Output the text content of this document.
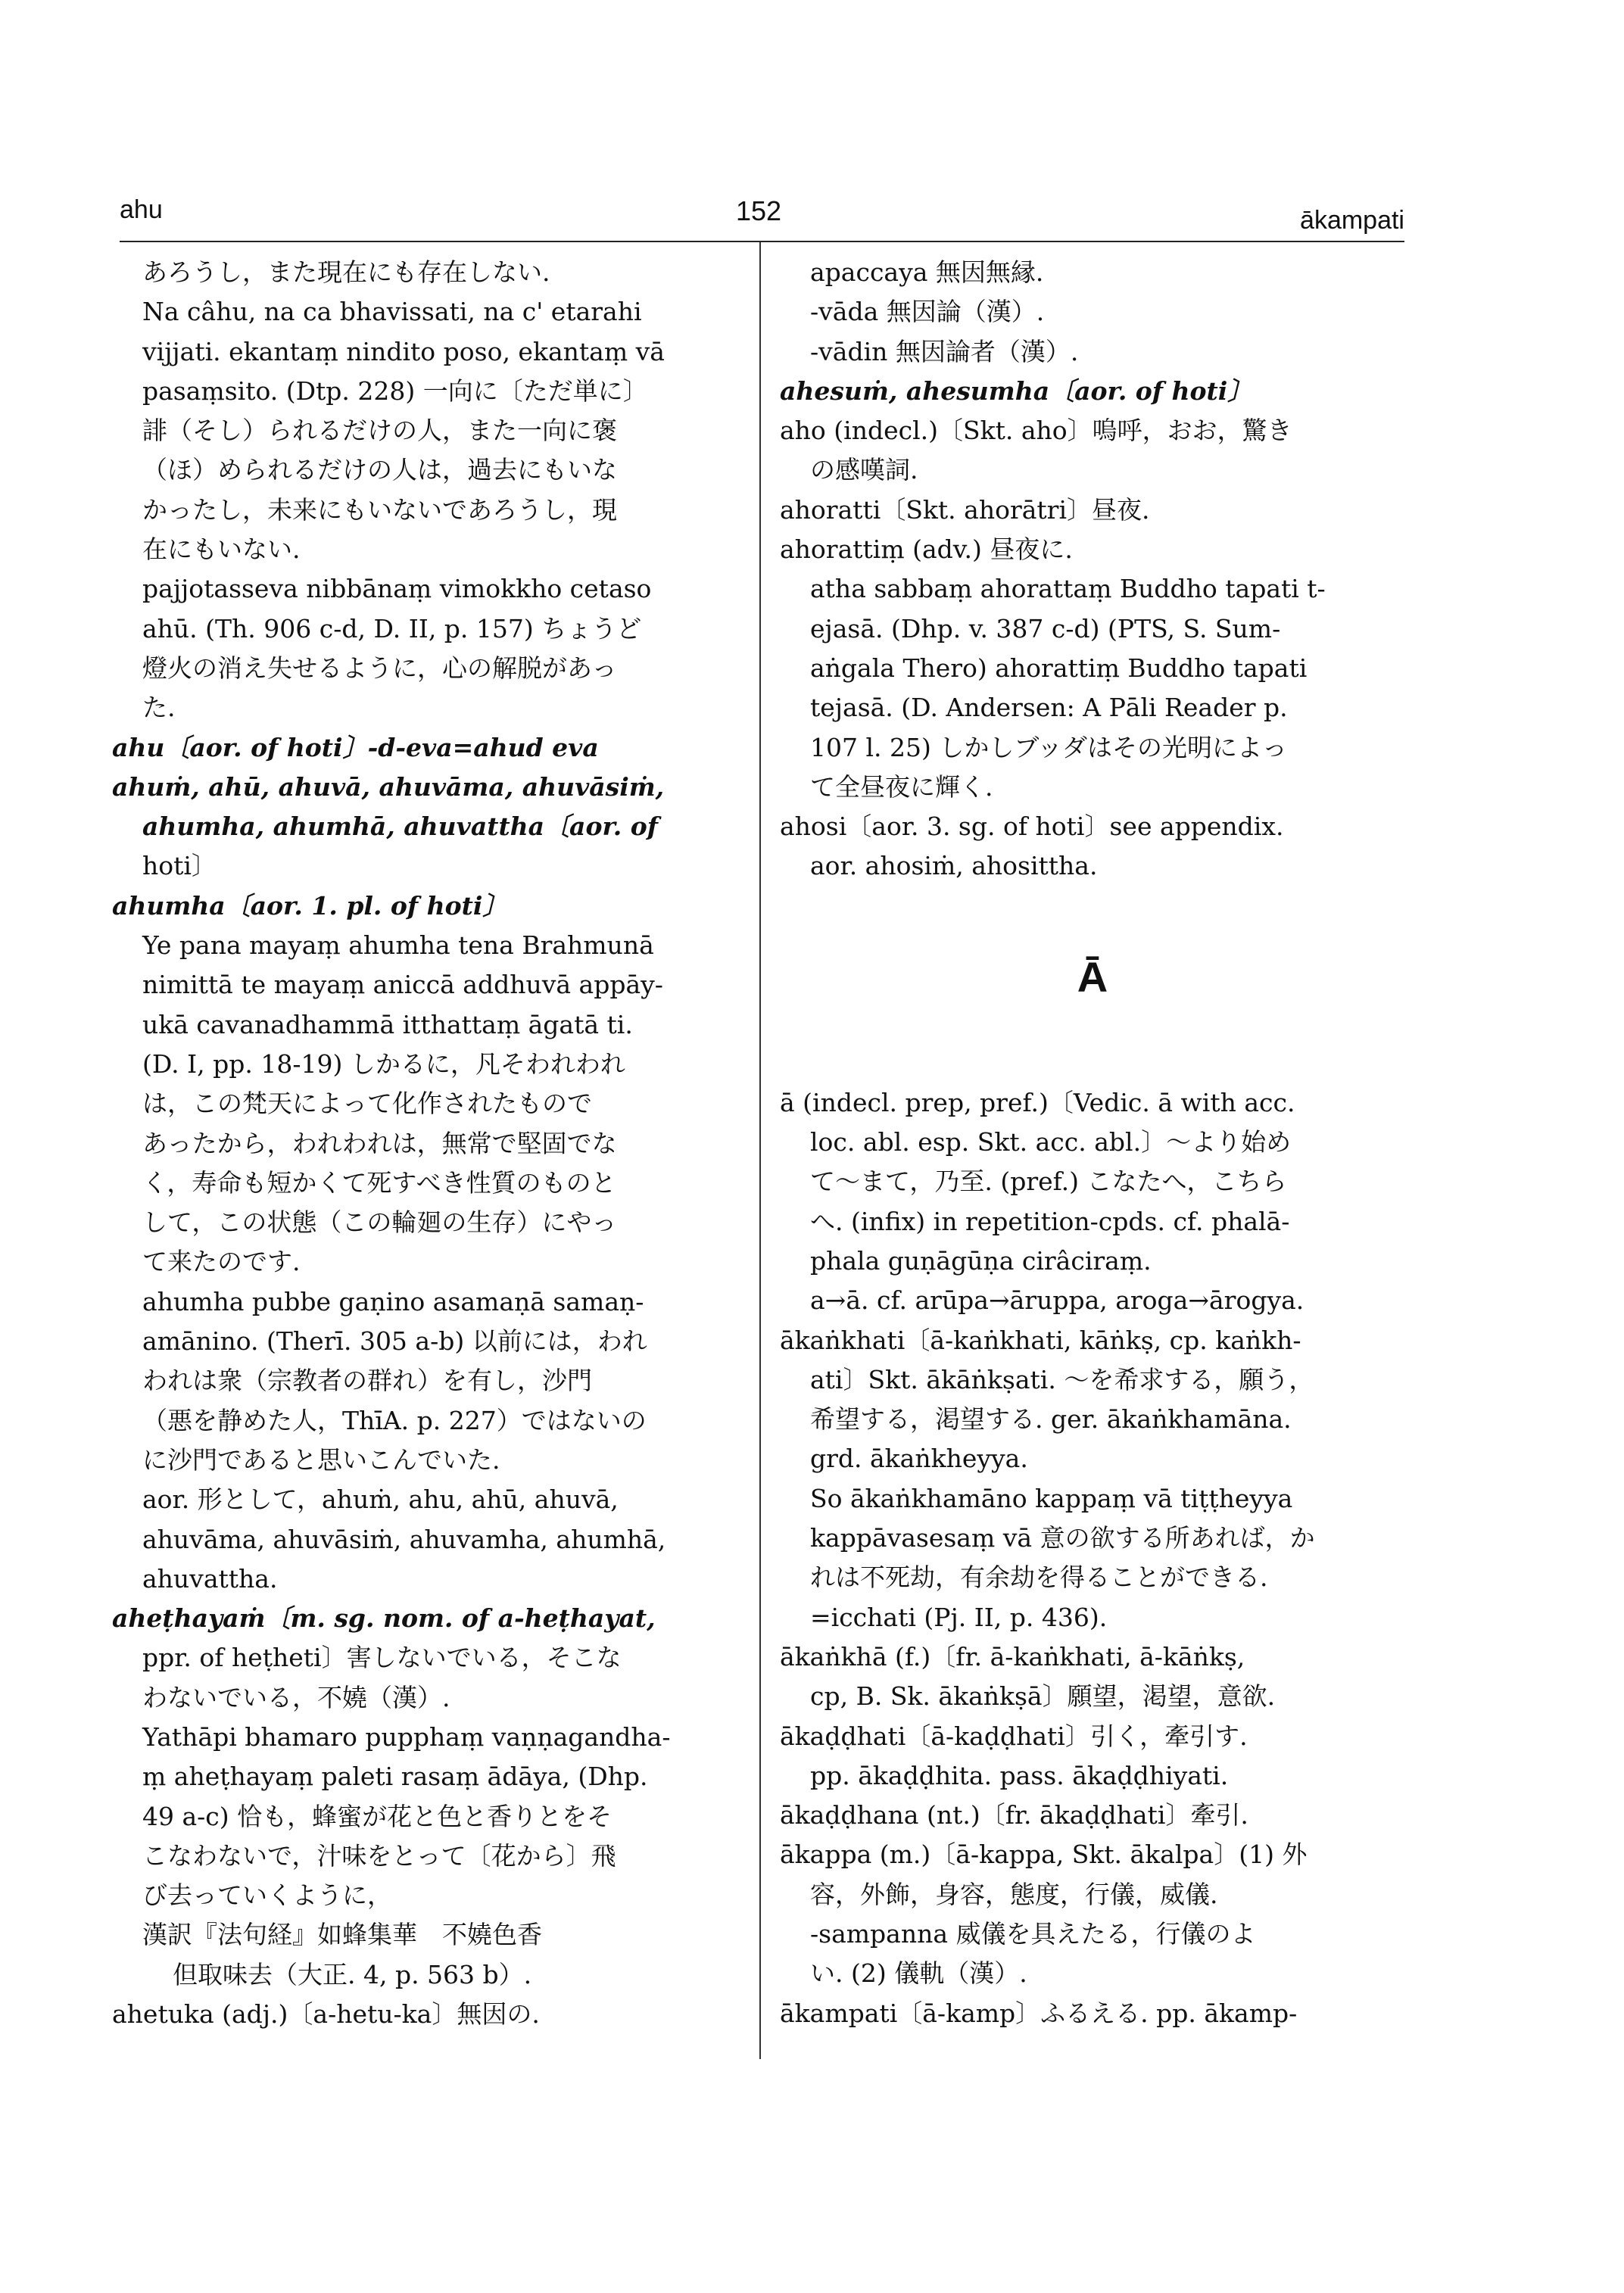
ahu	152	ākampati
あろうし，また現在にも存在しない.
Na câhu, na ca bhavissati, na c' etarahi
vijjati. ekantaṃ nindito poso, ekantaṃ vā
pasaṃsito. (Dtp. 228) 一向に〔ただ単に〕
誹（そし）られるだけの人，また一向に褒
（ほ）められるだけの人は，過去にもいな
かったし，未来にもいないであろうし，現
在にもいない.
pajjotasseva nibbānaṃ vimokkho cetaso
ahū. (Th. 906 c-d, D. II, p. 157) ちょうど
燈火の消え失せるように，心の解脱があっ
た.
ahu〔aor. of hoti〕-d-eva=ahud eva
ahuṁ, ahū, ahuvā, ahuvāma, ahuvāsiṁ,
ahumha, ahumhā, ahuvattha〔aor. of
hoti〕
ahumha〔aor. 1. pl. of hoti〕
Ye pana mayaṃ ahumha tena Brahmunā
nimittā te mayaṃ aniccā addhuvā appāy-
ukā cavanadhammā itthattaṃ āgatā ti.
(D. I, pp. 18-19) しかるに，凡そわれわれ
は，この梵天によって化作されたもので
あったから，われわれは，無常で堅固でな
く，寿命も短かくて死すべき性質のものと
して，この状態（この輪廻の生存）にやっ
て来たのです.
ahumha pubbe gaṇino asamaṇā samaṇ-
amānino. (Therī. 305 a-b) 以前には，われ
われは衆（宗教者の群れ）を有し，沙門
（悪を静めた人，ThīA. p. 227）ではないの
に沙門であると思いこんでいた.
aor. 形として，ahuṁ, ahu, ahū, ahuvā,
ahuvāma, ahuvāsiṁ, ahuvamha, ahumhā,
ahuvattha.
aheṭhayaṁ〔m. sg. nom. of a-heṭhayat,
ppr. of heṭheti〕害しないでいる，そこな
わないでいる，不嬈（漢）.
Yathāpi bhamaro pupphaṃ vaṇṇagandha-
ṃ aheṭhayaṃ paleti rasaṃ ādāya, (Dhp.
49 a-c) 恰も，蜂蜜が花と色と香りとをそ
こなわないで，汁味をとって〔花から〕飛
び去っていくように，
漢訳『法句経』如蜂集華　不嬈色香
但取味去（大正. 4, p. 563 b）.
ahetuka (adj.)〔a-hetu-ka〕無因の.
apaccaya 無因無縁.
-vāda 無因論（漢）.
-vādin 無因論者（漢）.
ahesuṁ, ahesumha〔aor. of hoti〕
aho (indecl.)〔Skt. aho〕嗚呼，おお，驚き
の感嘆詞.
ahoratti〔Skt. ahorātri〕昼夜.
ahorattiṃ (adv.) 昼夜に.
atha sabbaṃ ahorattaṃ Buddho tapati t-
ejasā. (Dhp. v. 387 c-d) (PTS, S. Sum-
aṅgala Thero) ahorattiṃ Buddho tapati
tejasā. (D. Andersen: A Pāli Reader p.
107 l. 25) しかしブッダはその光明によっ
て全昼夜に輝く.
ahosi〔aor. 3. sg. of hoti〕see appendix.
aor. ahosiṁ, ahosittha.
Ā
ā (indecl. prep, pref.)〔Vedic. ā with acc.
loc. abl. esp. Skt. acc. abl.〕～より始め
て～まて，乃至. (pref.) こなたへ，こちら
へ. (infix) in repetition-cpds. cf. phalā-
phala guṇāgūṇa cirâciraṃ.
a→ā. cf. arūpa→āruppa, aroga→ārogya.
ākaṅkhati〔ā-kaṅkhati, kāṅkṣ, cp. kaṅkh-
ati〕Skt. ākāṅkṣati. ～を希求する，願う，
希望する，渇望する. ger. ākaṅkhamāna.
grd. ākaṅkheyya.
So ākaṅkhamāno kappaṃ vā tiṭṭheyya
kappāvasesaṃ vā 意の欲する所あれば，か
れは不死劫，有余劫を得ることができる.
=icchati (Pj. II, p. 436).
ākaṅkhā (f.)〔fr. ā-kaṅkhati, ā-kāṅkṣ,
cp, B. Sk. ākaṅkṣā〕願望，渇望，意欲.
ākaḍḍhati〔ā-kaḍḍhati〕引く，牽引す.
pp. ākaḍḍhita. pass. ākaḍḍhiyati.
ākaḍḍhana (nt.)〔fr. ākaḍḍhati〕牽引.
ākappa (m.)〔ā-kappa, Skt. ākalpa〕(1) 外
容，外飾，身容，態度，行儀，威儀.
-sampanna 威儀を具えたる，行儀のよ
い. (2) 儀軌（漢）.
ākampati〔ā-kamp〕ふるえる. pp. ākamp-
